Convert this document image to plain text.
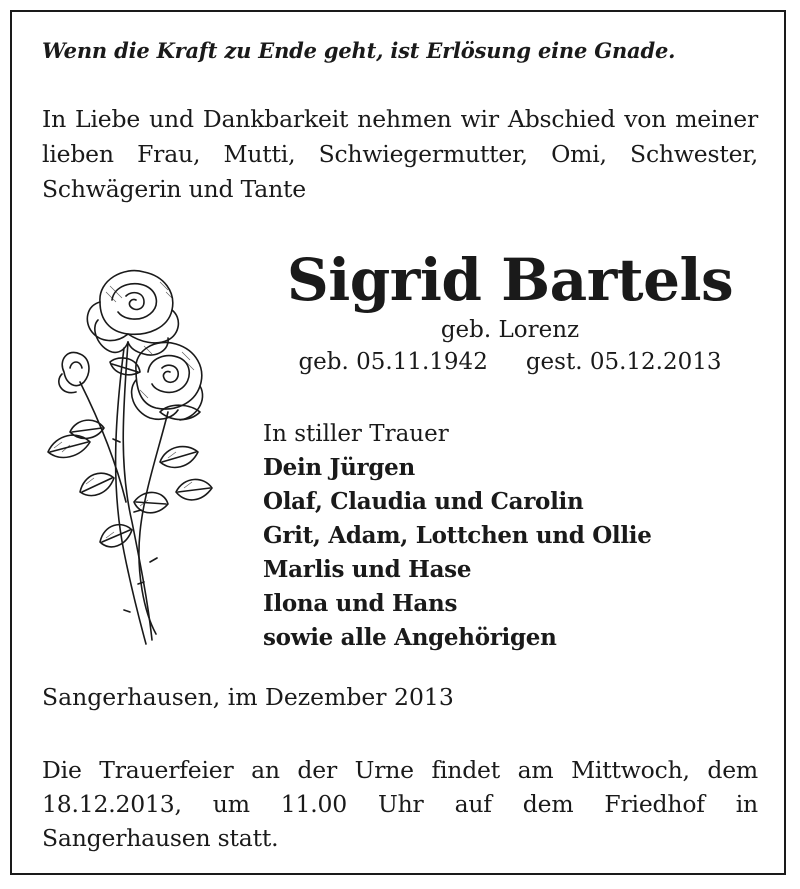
Wenn die Kraft zu Ende geht, ist Erlösung eine Gnade.

In Liebe und Dankbarkeit nehmen wir Abschied von meiner lieben Frau, Mutti, Schwiegermutter, Omi, Schwester, Schwägerin und Tante

Sigrid Bartels

geb. Lorenz

geb. 05.11.1942 gest. 05.12.2013

In stiller Trauer
Dein Jürgen
Olaf, Claudia und Carolin
Grit, Adam, Lottchen und Ollie
Marlis und Hase
Ilona und Hans
sowie alle Angehörigen

Sangerhausen, im Dezember 2013

Die Trauerfeier an der Urne findet am Mittwoch, dem 18.12.2013, um 11.00 Uhr auf dem Friedhof in Sangerhausen statt.
